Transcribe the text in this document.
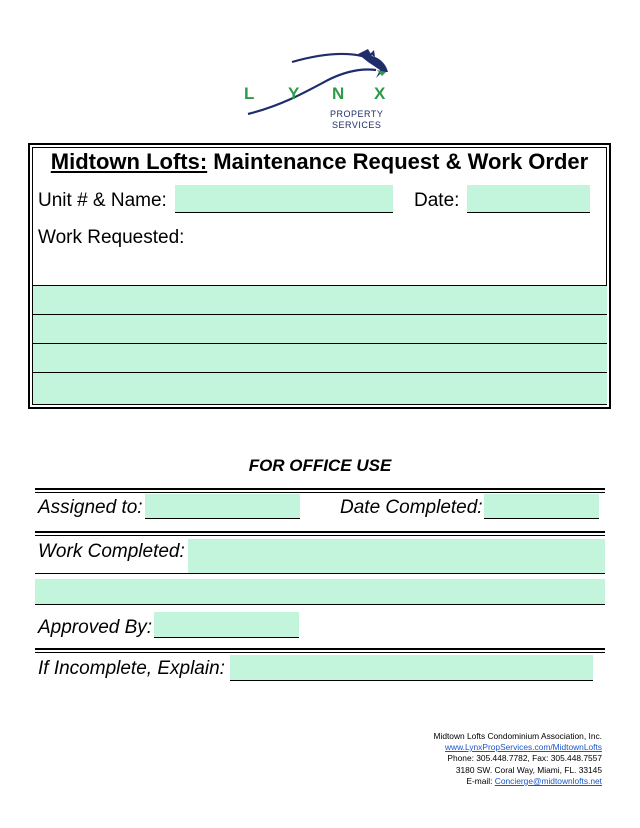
L Y N X
PROPERTY
SERVICES
Midtown Lofts: Maintenance Request & Work Order
Unit # & Name:	Date:
Work Requested:
FOR OFFICE USE
Assigned to:	Date Completed:
Work Completed:
Approved By:
If Incomplete, Explain:
Midtown Lofts Condominium Association, Inc.
www.LynxPropServices.com/MidtownLofts
Phone: 305.448.7782, Fax: 305.448.7557
3180 SW. Coral Way, Miami, FL. 33145
E-mail: Concierge@midtownlofts.net
